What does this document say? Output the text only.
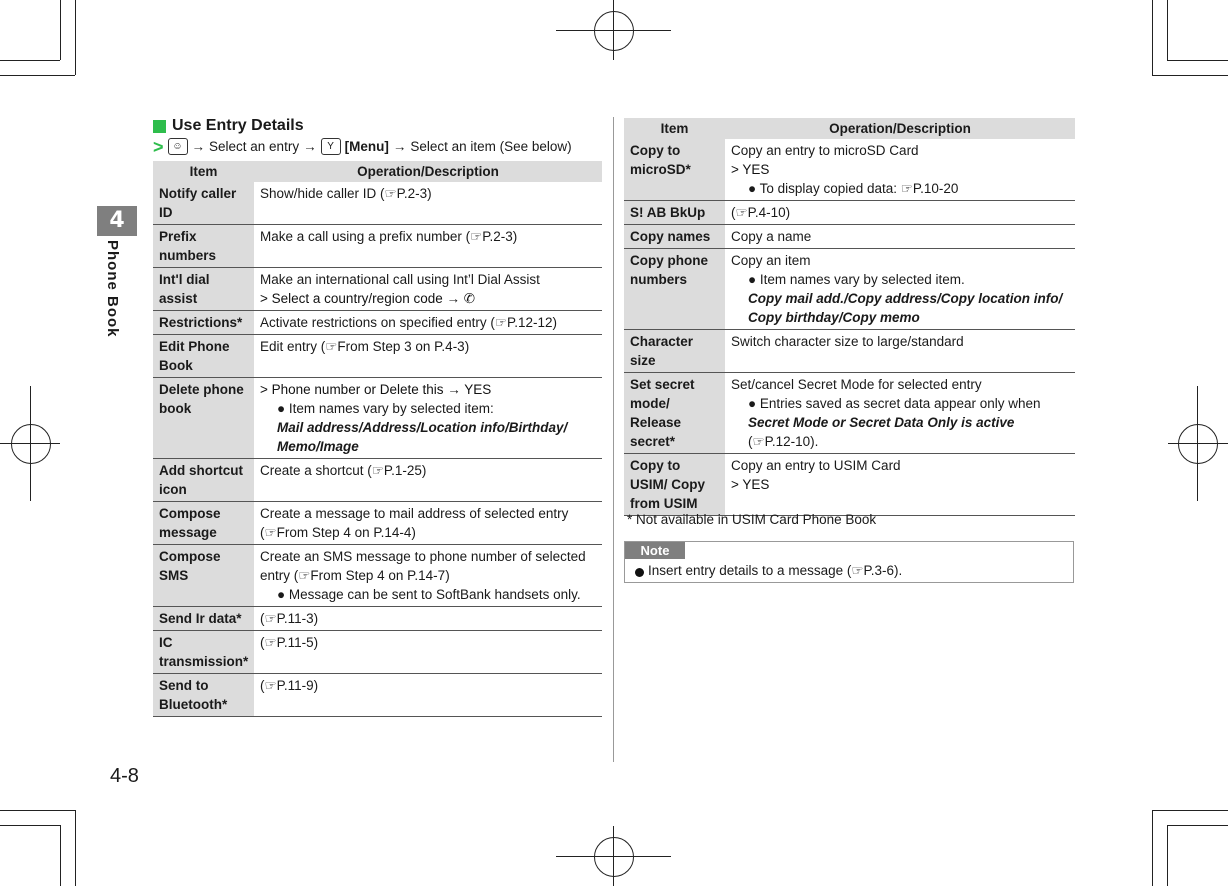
4
Phone Book
4-8
Use Entry Details
> ☺ → Select an entry →	Y [Menu] → Select an item (See below)
Item	Operation/Description
Notify caller ID	Show/hide caller ID (☞P.2-3)

Prefix numbers	Make a call using a prefix number (☞P.2-3)

Int'l dial assist	Make an international call using Int’l Dial Assist
> Select a country/region code → ✆

Restrictions*	Activate restrictions on specified entry (☞P.12-12)

Edit Phone Book	Edit entry (☞From Step 3 on P.4-3)

Delete phone book	> Phone number or Delete this → YES
● Item names vary by selected item:
Mail address/Address/Location info/Birthday/
Memo/Image

Add shortcut icon	Create a shortcut (☞P.1-25)

Compose message	Create a message to mail address of selected entry
(☞From Step 4 on P.14-4)

Compose SMS	Create an SMS message to phone number of selected
entry (☞From Step 4 on P.14-7)
● Message can be sent to SoftBank handsets only.

Send Ir data*	(☞P.11-3)

IC transmission*	(☞P.11-5)

Send to Bluetooth*	(☞P.11-9)
Item	Operation/Description
Copy to microSD*	Copy an entry to microSD Card
> YES
● To display copied data: ☞P.10-20

S! AB BkUp	(☞P.4-10)

Copy names	Copy a name

Copy phone numbers	Copy an item
● Item names vary by selected item.
Copy mail add./Copy address/Copy location info/
Copy birthday/Copy memo

Character size	Switch character size to large/standard

Set secret mode/ Release secret*	Set/cancel Secret Mode for selected entry
● Entries saved as secret data appear only when
Secret Mode or Secret Data Only is active
(☞P.12-10).

Copy to USIM/ Copy from USIM	Copy an entry to USIM Card
> YES
* Not available in USIM Card Phone Book
Note
Insert entry details to a message (☞P.3-6).
